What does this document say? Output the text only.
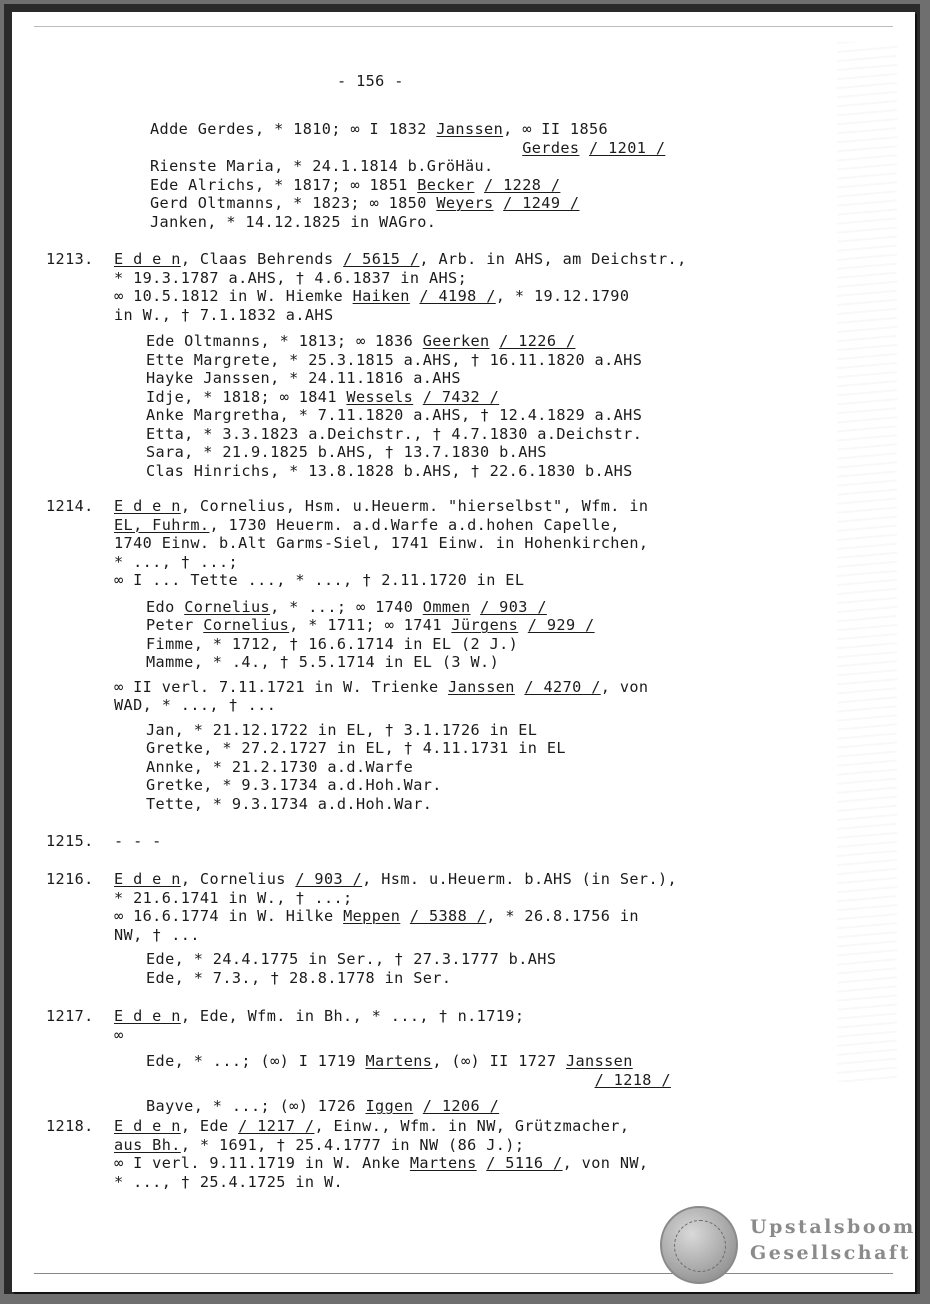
- 156 -

Adde Gerdes, * 1810; ∞ I 1832 Janssen, ∞ II 1856
Gerdes / 1201 /
Rienste Maria, * 24.1.1814 b.GröHäu.
Ede Alrichs, * 1817; ∞ 1851 Becker / 1228 /
Gerd Oltmanns, * 1823; ∞ 1850 Weyers / 1249 /
Janken, * 14.12.1825 in WAGro.
1213. E d e n, Claas Behrends / 5615 /, Arb. in AHS, am Deichstr.,
* 19.3.1787 a.AHS, † 4.6.1837 in AHS;
∞ 10.5.1812 in W. Hiemke Haiken / 4198 /, * 19.12.1790
in W., † 7.1.1832 a.AHS
Ede Oltmanns, * 1813; ∞ 1836 Geerken / 1226 /
Ette Margrete, * 25.3.1815 a.AHS, † 16.11.1820 a.AHS
Hayke Janssen, * 24.11.1816 a.AHS
Idje, * 1818; ∞ 1841 Wessels / 7432 /
Anke Margretha, * 7.11.1820 a.AHS, † 12.4.1829 a.AHS
Etta, * 3.3.1823 a.Deichstr., † 4.7.1830 a.Deichstr.
Sara, * 21.9.1825 b.AHS, † 13.7.1830 b.AHS
Clas Hinrichs, * 13.8.1828 b.AHS, † 22.6.1830 b.AHS
1214. E d e n, Cornelius, Hsm. u.Heuerm. "hierselbst", Wfm. in
EL, Fuhrm., 1730 Heuerm. a.d.Warfe a.d.hohen Capelle,
1740 Einw. b.Alt Garms-Siel, 1741 Einw. in Hohenkirchen,
* ..., † ...;
∞ I ... Tette ..., * ..., † 2.11.1720 in EL
Edo Cornelius, * ...; ∞ 1740 Ommen / 903 /
Peter Cornelius, * 1711; ∞ 1741 Jürgens / 929 /
Fimme, * 1712, † 16.6.1714 in EL (2 J.)
Mamme, * .4., † 5.5.1714 in EL (3 W.)
∞ II verl. 7.11.1721 in W. Trienke Janssen / 4270 /, von
WAD, * ..., † ...
Jan, * 21.12.1722 in EL, † 3.1.1726 in EL
Gretke, * 27.2.1727 in EL, † 4.11.1731 in EL
Annke, * 21.2.1730 a.d.Warfe
Gretke, * 9.3.1734 a.d.Hoh.War.
Tette, * 9.3.1734 a.d.Hoh.War.
1215. - - -
1216. E d e n, Cornelius / 903 /, Hsm. u.Heuerm. b.AHS (in Ser.),
* 21.6.1741 in W., † ...;
∞ 16.6.1774 in W. Hilke Meppen / 5388 /, * 26.8.1756 in
NW, † ...
Ede, * 24.4.1775 in Ser., † 27.3.1777 b.AHS
Ede, * 7.3., † 28.8.1778 in Ser.
1217. E d e n, Ede, Wfm. in Bh., * ..., † n.1719;
∞
Ede, * ...; (∞) I 1719 Martens, (∞) II 1727 Janssen
/ 1218 /
Bayve, * ...; (∞) 1726 Iggen / 1206 /
1218. E d e n, Ede / 1217 /, Einw., Wfm. in NW, Grützmacher,
aus Bh., * 1691, † 25.4.1777 in NW (86 J.);
∞ I verl. 9.11.1719 in W. Anke Martens / 5116 /, von NW,
* ..., † 25.4.1725 in W.
Upstalsboom
Gesellschaft
